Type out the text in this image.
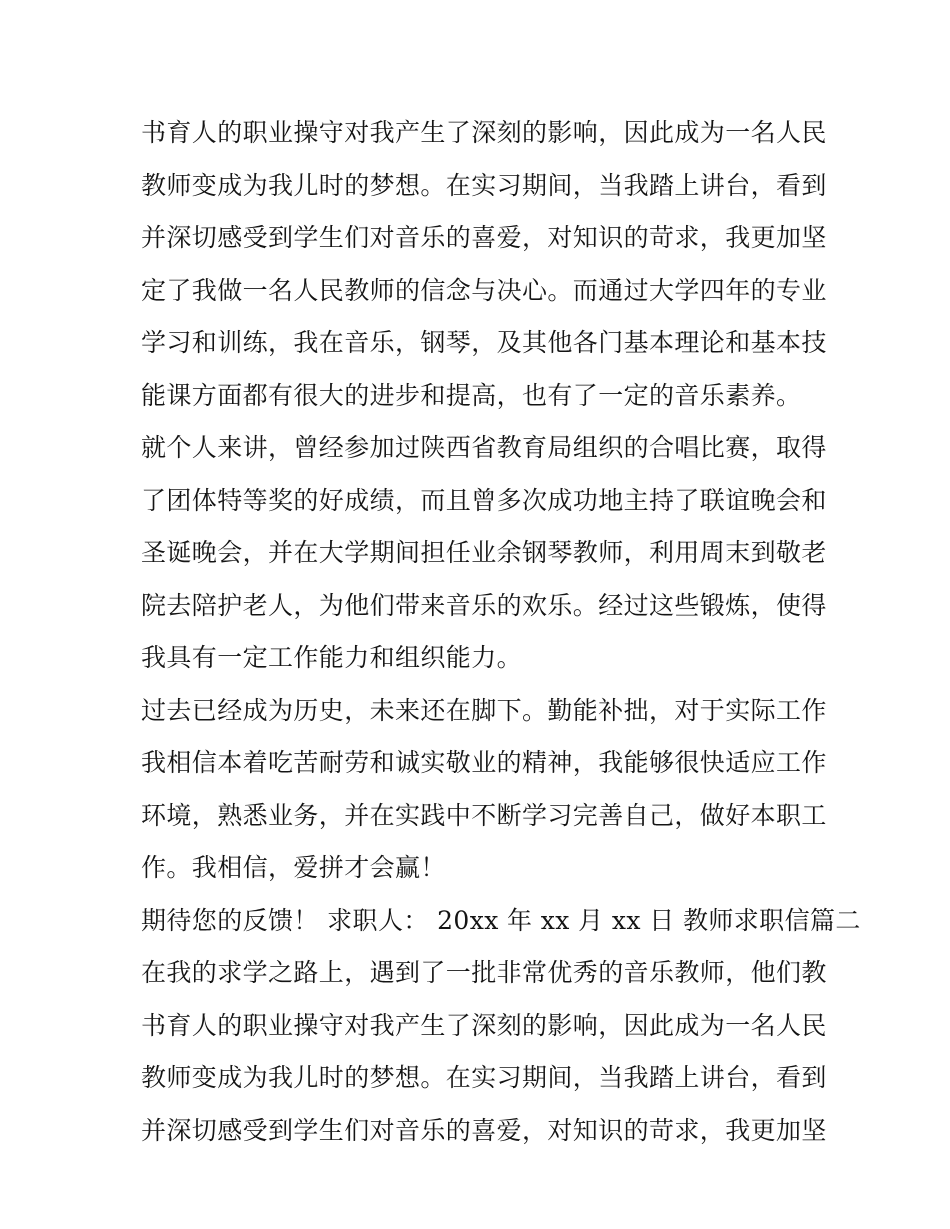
书育人的职业操守对我产生了深刻的影响，因此成为一名人民
教师变成为我儿时的梦想。在实习期间，当我踏上讲台，看到
并深切感受到学生们对音乐的喜爱，对知识的苛求，我更加坚
定了我做一名人民教师的信念与决心。而通过大学四年的专业
学习和训练，我在音乐，钢琴，及其他各门基本理论和基本技
能课方面都有很大的进步和提高，也有了一定的音乐素养。
就个人来讲，曾经参加过陕西省教育局组织的合唱比赛，取得
了团体特等奖的好成绩，而且曾多次成功地主持了联谊晚会和
圣诞晚会，并在大学期间担任业余钢琴教师，利用周末到敬老
院去陪护老人，为他们带来音乐的欢乐。经过这些锻炼，使得
我具有一定工作能力和组织能力。
过去已经成为历史，未来还在脚下。勤能补拙，对于实际工作
我相信本着吃苦耐劳和诚实敬业的精神，我能够很快适应工作
环境，熟悉业务，并在实践中不断学习完善自己，做好本职工
作。我相信，爱拼才会赢！
期待您的反馈！ 求职人： 20xx 年 xx 月 xx 日 教师求职信篇二
在我的求学之路上，遇到了一批非常优秀的音乐教师，他们教
书育人的职业操守对我产生了深刻的影响，因此成为一名人民
教师变成为我儿时的梦想。在实习期间，当我踏上讲台，看到
并深切感受到学生们对音乐的喜爱，对知识的苛求，我更加坚
